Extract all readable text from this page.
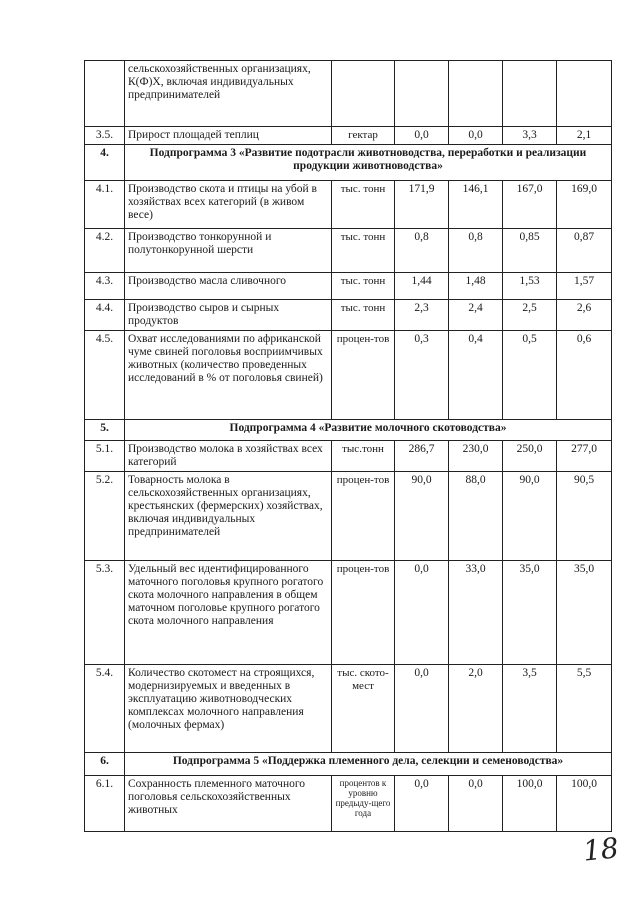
	сельскохозяйственных организациях, К(Ф)Х, включая индивидуальных предпринимателей					
3.5.	Прирост площадей теплиц	гектар	0,0	0,0	3,3	2,1
4.	Подпрограмма 3 «Развитие подотрасли животноводства, переработки и реализации продукции животноводства»					
4.1.	Производство скота и птицы на убой в хозяйствах всех категорий (в живом весе)	тыс. тонн	171,9	146,1	167,0	169,0
4.2.	Производство тонкорунной и полутонкорунной шерсти	тыс. тонн	0,8	0,8	0,85	0,87
4.3.	Производство масла сливочного	тыс. тонн	1,44	1,48	1,53	1,57
4.4.	Производство сыров и сырных продуктов	тыс. тонн	2,3	2,4	2,5	2,6
4.5.	Охват исследованиями по африканской чуме свиней поголовья восприимчивых животных (количество проведенных исследований в % от поголовья свиней)	процен-тов	0,3	0,4	0,5	0,6
5.	Подпрограмма 4 «Развитие молочного скотоводства»					
5.1.	Производство молока в хозяйствах всех категорий	тыс.тонн	286,7	230,0	250,0	277,0
5.2.	Товарность молока в сельскохозяйственных организациях, крестьянских (фермерских) хозяйствах, включая индивидуальных предпринимателей	процен-тов	90,0	88,0	90,0	90,5
5.3.	Удельный вес идентифицированного маточного поголовья крупного рогатого скота молочного направления в общем маточном поголовье крупного рогатого скота молочного направления	процен-тов	0,0	33,0	35,0	35,0
5.4.	Количество скотомест на строящихся, модернизируемых и введенных в эксплуатацию животноводческих комплексах молочного направления (молочных фермах)	тыс. ското-мест	0,0	2,0	3,5	5,5
6.	Подпрограмма 5 «Поддержка племенного дела, селекции и семеноводства»					
6.1.	Сохранность племенного маточного поголовья сельскохозяйственных животных	процентов к уровню предыду-щего года	0,0	0,0	100,0	100,0
18
